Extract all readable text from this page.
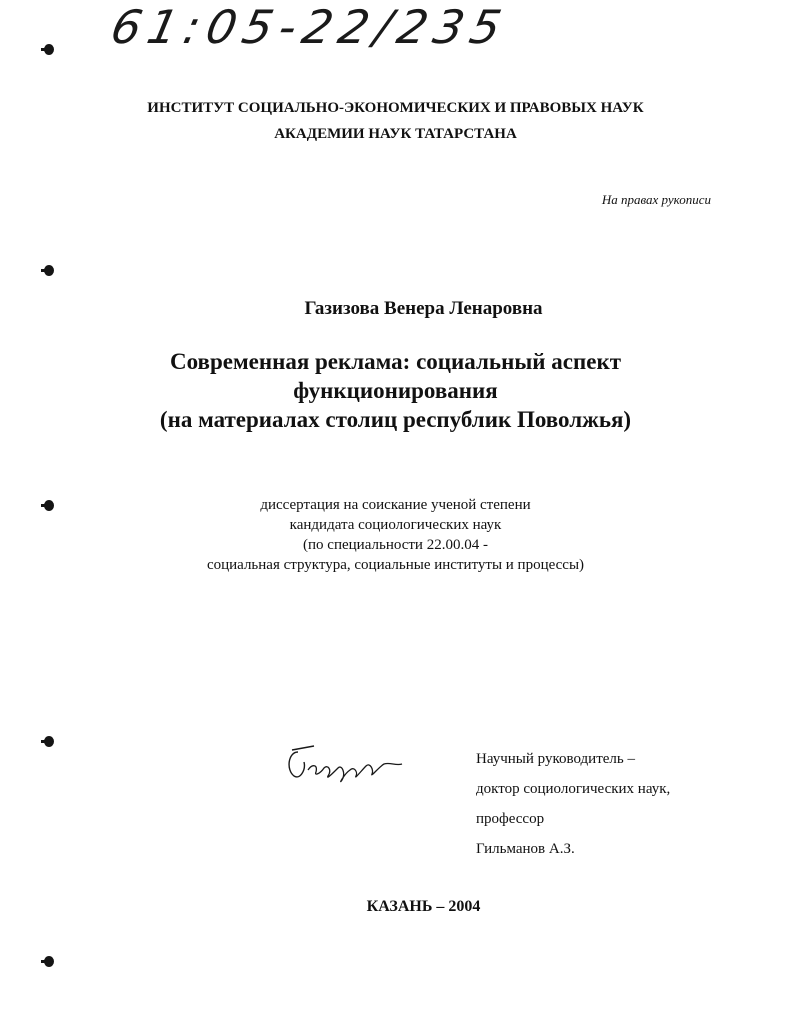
61:05-22/235
ИНСТИТУТ СОЦИАЛЬНО-ЭКОНОМИЧЕСКИХ И ПРАВОВЫХ НАУК
АКАДЕМИИ НАУК ТАТАРСТАНА
На правах рукописи
Газизова Венера Ленаровна
Современная реклама: социальный аспект
функционирования
(на материалах столиц республик Поволжья)
диссертация на соискание ученой степени
кандидата социологических наук
(по специальности 22.00.04 -
социальная структура, социальные институты и процессы)
Научный руководитель –
доктор социологических наук,
профессор
Гильманов А.З.
КАЗАНЬ – 2004
